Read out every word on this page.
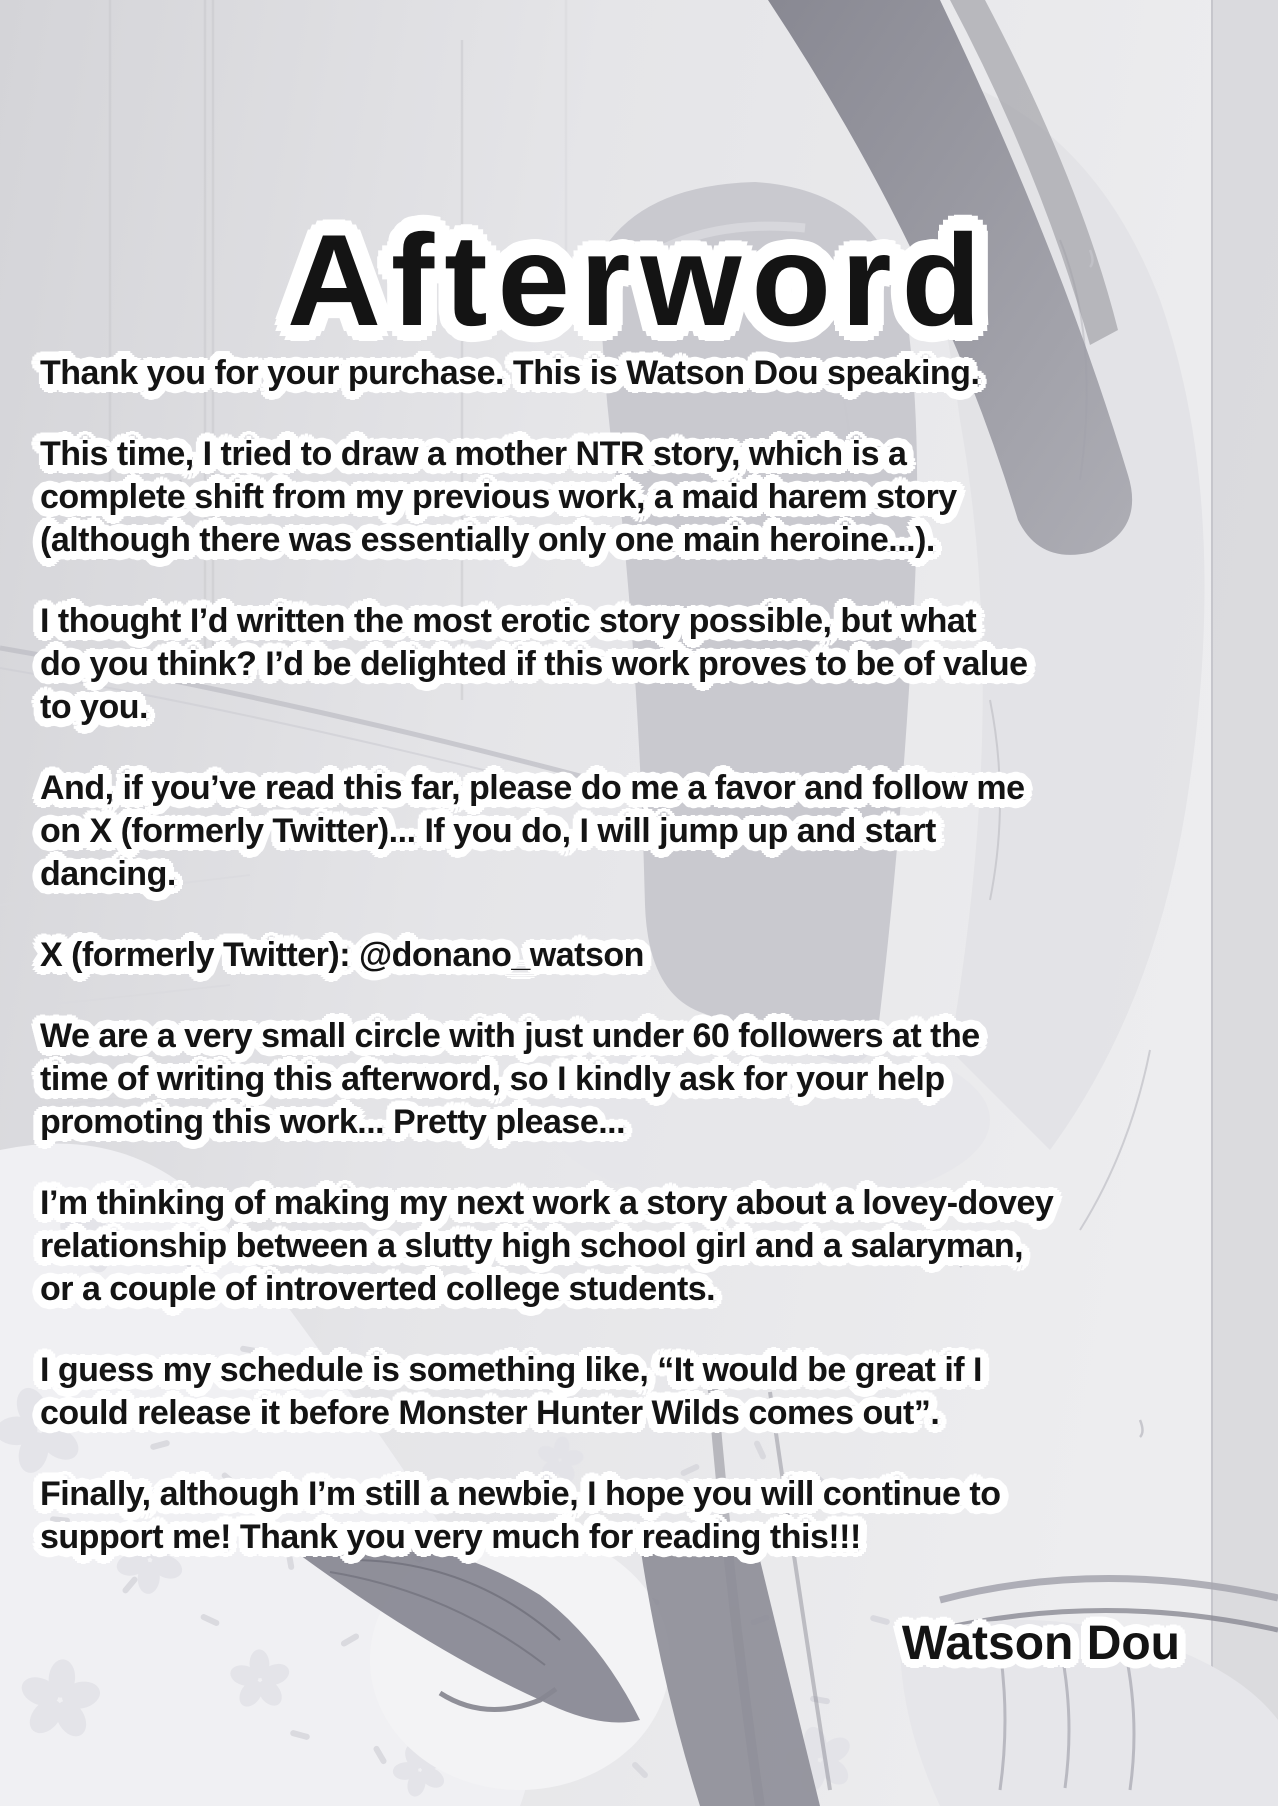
Afterword

Thank you for your purchase. This is Watson Dou speaking.

This time, I tried to draw a mother NTR story, which is a
complete shift from my previous work, a maid harem story
(although there was essentially only one main heroine...).

I thought I’d written the most erotic story possible, but what
do you think? I’d be delighted if this work proves to be of value
to you.

And, if you’ve read this far, please do me a favor and follow me
on X (formerly Twitter)... If you do, I will jump up and start
dancing.

X (formerly Twitter): @donano_watson

We are a very small circle with just under 60 followers at the
time of writing this afterword, so I kindly ask for your help
promoting this work... Pretty please...

I’m thinking of making my next work a story about a lovey-dovey
relationship between a slutty high school girl and a salaryman,
or a couple of introverted college students.

I guess my schedule is something like, “It would be great if I
could release it before Monster Hunter Wilds comes out”.

Finally, although I’m still a newbie, I hope you will continue to
support me! Thank you very much for reading this!!!

Watson Dou
